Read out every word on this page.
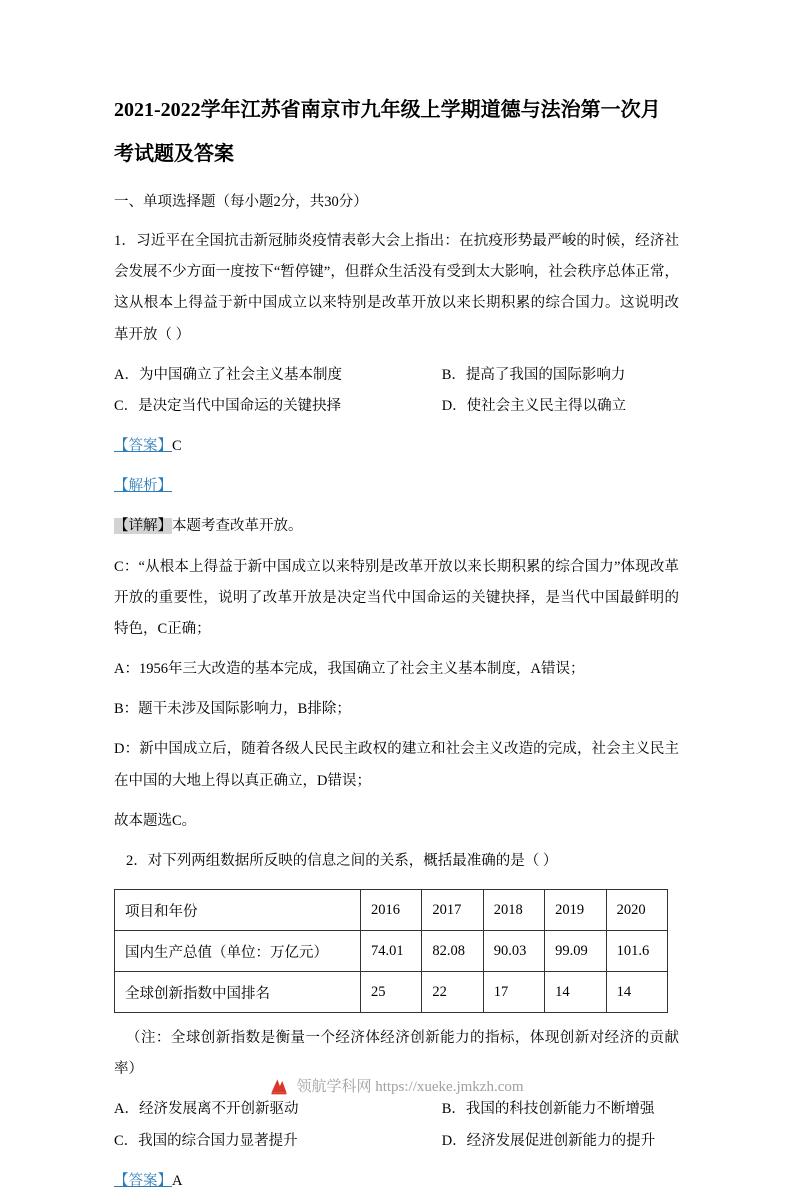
2021-2022学年江苏省南京市九年级上学期道德与法治第一次月考试题及答案

一、单项选择题（每小题2分，共30分）

1．习近平在全国抗击新冠肺炎疫情表彰大会上指出：在抗疫形势最严峻的时候，经济社会发展不少方面一度按下“暂停键”，但群众生活没有受到太大影响，社会秩序总体正常，这从根本上得益于新中国成立以来特别是改革开放以来长期积累的综合国力。这说明改革开放（ ）

A．为中国确立了社会主义基本制度	B．提高了我国的国际影响力
C．是决定当代中国命运的关键抉择	D．使社会主义民主得以确立

【答案】C

【解析】

【详解】本题考查改革开放。

C：“从根本上得益于新中国成立以来特别是改革开放以来长期积累的综合国力”体现改革开放的重要性，说明了改革开放是决定当代中国命运的关键抉择，是当代中国最鲜明的特色，C正确；

A：1956年三大改造的基本完成，我国确立了社会主义基本制度，A错误；

B：题干未涉及国际影响力，B排除；

D：新中国成立后，随着各级人民民主政权的建立和社会主义改造的完成，社会主义民主在中国的大地上得以真正确立，D错误；

故本题选C。

2．对下列两组数据所反映的信息之间的关系，概括最准确的是（ ）

项目和年份	2016	2017	2018	2019	2020
国内生产总值（单位：万亿元）	74.01	82.08	90.03	99.09	101.6
全球创新指数中国排名	25	22	17	14	14

（注：全球创新指数是衡量一个经济体经济创新能力的指标，体现创新对经济的贡献率）

A．经济发展离不开创新驱动	B．我国的科技创新能力不断增强
C．我国的综合国力显著提升	D．经济发展促进创新能力的提升

【答案】A

领航学科网 https://xueke.jmkzh.com
